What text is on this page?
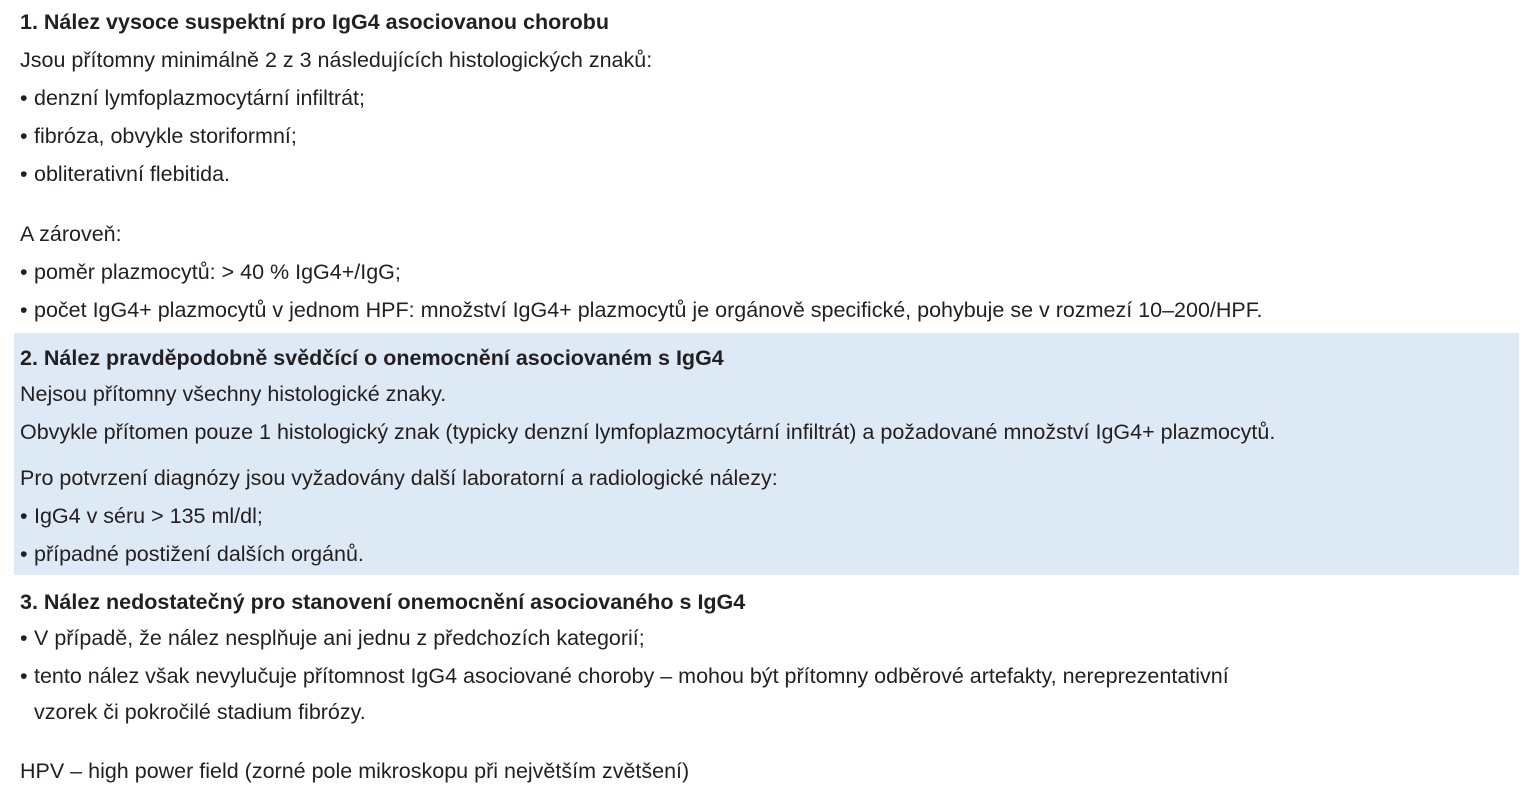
1. Nález vysoce suspektní pro IgG4 asociovanou chorobu
Jsou přítomny minimálně 2 z 3 následujících histologických znaků:
• denzní lymfoplazmocytární infiltrát;
• fibróza, obvykle storiformní;
• obliterativní flebitida.
A zároveň:
• poměr plazmocytů: > 40 % IgG4+/IgG;
• počet IgG4+ plazmocytů v jednom HPF: množství IgG4+ plazmocytů je orgánově specifické, pohybuje se v rozmezí 10–200/HPF.
2. Nález pravděpodobně svědčící o onemocnění asociovaném s IgG4
Nejsou přítomny všechny histologické znaky.
Obvykle přítomen pouze 1 histologický znak (typicky denzní lymfoplazmocytární infiltrát) a požadované množství IgG4+ plazmocytů.
Pro potvrzení diagnózy jsou vyžadovány další laboratorní a radiologické nálezy:
• IgG4 v séru > 135 ml/dl;
• případné postižení dalších orgánů.
3. Nález nedostatečný pro stanovení onemocnění asociovaného s IgG4
• V případě, že nález nesplňuje ani jednu z předchozích kategorií;
• tento nález však nevylučuje přítomnost IgG4 asociované choroby – mohou být přítomny odběrové artefakty, nereprezentativní
vzorek či pokročilé stadium fibrózy.
HPV – high power field (zorné pole mikroskopu při největším zvětšení)
